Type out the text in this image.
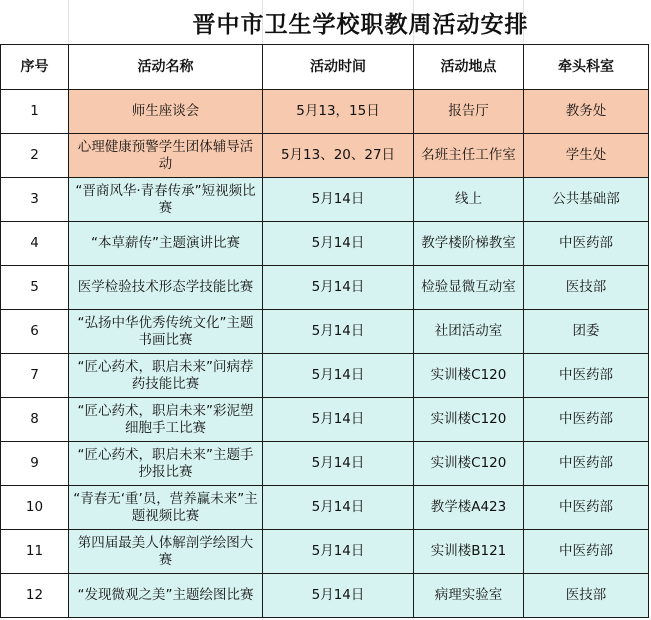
晋中市卫生学校职教周活动安排
序号	活动名称	活动时间	活动地点	牵头科室
1	师生座谈会	5月13，15日	报告厅	教务处
2	心理健康预警学生团体辅导活动	5月13、20、27日	名班主任工作室	学生处
3	“晋商风华·青春传承”短视频比赛	5月14日	线上	公共基础部
4	“本草薪传”主题演讲比赛	5月14日	教学楼阶梯教室	中医药部
5	医学检验技术形态学技能比赛	5月14日	检验显微互动室	医技部
6	“弘扬中华优秀传统文化”主题书画比赛	5月14日	社团活动室	团委
7	“匠心药术，职启未来”问病荐药技能比赛	5月14日	实训楼C120	中医药部
8	“匠心药术，职启未来”彩泥塑细胞手工比赛	5月14日	实训楼C120	中医药部
9	“匠心药术，职启未来”主题手抄报比赛	5月14日	实训楼C120	中医药部
10	“青春无‘重’员，营养赢未来”主题视频比赛	5月14日	教学楼A423	中医药部
11	第四届最美人体解剖学绘图大赛	5月14日	实训楼B121	中医药部
12	“发现微观之美”主题绘图比赛	5月14日	病理实验室	医技部
